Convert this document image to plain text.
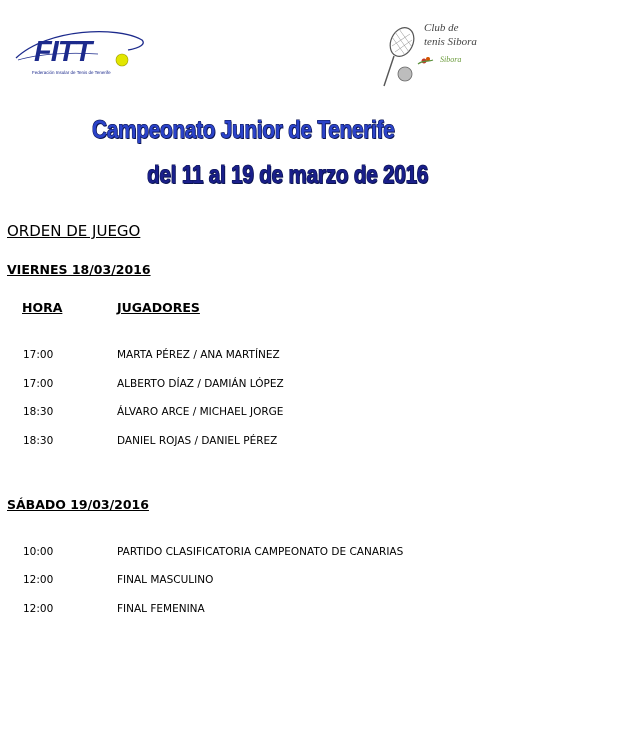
FITT
Federación Insular de Tenis de Tenerife
Club de
tenis Sibora
Sibora
Campeonato Junior de Tenerife
del 11 al 19 de marzo de 2016
ORDEN DE JUEGO
VIERNES 18/03/2016
HORA	JUGADORES
17:00	MARTA PÉREZ / ANA MARTÍNEZ
17:00	ALBERTO DÍAZ / DAMIÁN LÓPEZ
18:30	ÁLVARO ARCE / MICHAEL JORGE
18:30	DANIEL ROJAS / DANIEL PÉREZ
SÁBADO 19/03/2016
10:00	PARTIDO CLASIFICATORIA CAMPEONATO DE CANARIAS
12:00	FINAL MASCULINO
12:00	FINAL FEMENINA
